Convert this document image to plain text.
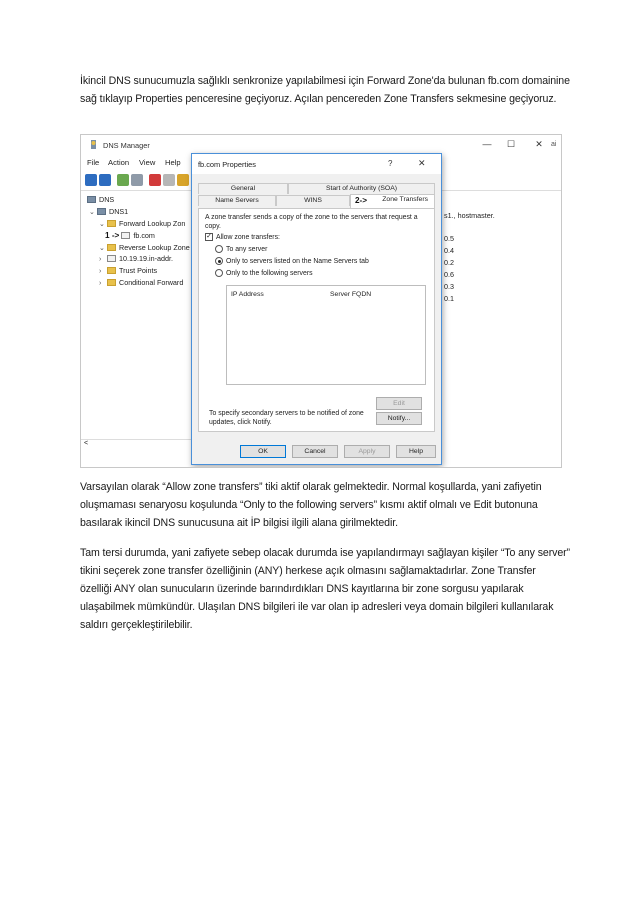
İkincil DNS sunucumuzla sağlıklı senkronize yapılabilmesi için Forward Zone'da bulunan fb.com domainine sağ tıklayıp Properties penceresine geçiyoruz. Açılan pencereden Zone Transfers sekmesine geçiyoruz.
DNS Manager	—	☐	✕	ai
File Action View Help
DNS
⌄ DNS1
⌄ Forward Lookup Zon
1 -> fb.com
⌄ Reverse Lookup Zone
› 10.19.19.in-addr.
› Trust Points
› Conditional Forward
<
s1., hostmaster.
0.5
0.4
0.2
0.6
0.3
0.1
fb.com Properties	?	✕
General	Start of Authority (SOA)
Name Servers	WINS	2-> Zone Transfers
A zone transfer sends a copy of the zone to the servers that request a copy.
✓ Allow zone transfers:
To any server
Only to servers listed on the Name Servers tab
Only to the following servers
IP Address	Server FQDN
Edit
To specify secondary servers to be notified of zone updates, click Notify.
Notify...
OK	Cancel	Apply	Help
Varsayılan olarak “Allow zone transfers” tiki aktif olarak gelmektedir. Normal koşullarda, yani zafiyetin oluşmaması senaryosu koşulunda “Only to the following servers” kısmı aktif olmalı ve Edit butonuna basılarak ikincil DNS sunucusuna ait İP bilgisi ilgili alana girilmektedir.
Tam tersi durumda, yani zafiyete sebep olacak durumda ise yapılandırmayı sağlayan kişiler “To any server” tikini seçerek zone transfer özelliğinin (ANY) herkese açık olmasını sağlamaktadırlar. Zone Transfer özelliği ANY olan sunucuların üzerinde barındırdıkları DNS kayıtlarına bir zone sorgusu yapılarak ulaşabilmek mümkündür. Ulaşılan DNS bilgileri ile var olan ip adresleri veya domain bilgileri kullanılarak saldırı gerçekleştirilebilir.
